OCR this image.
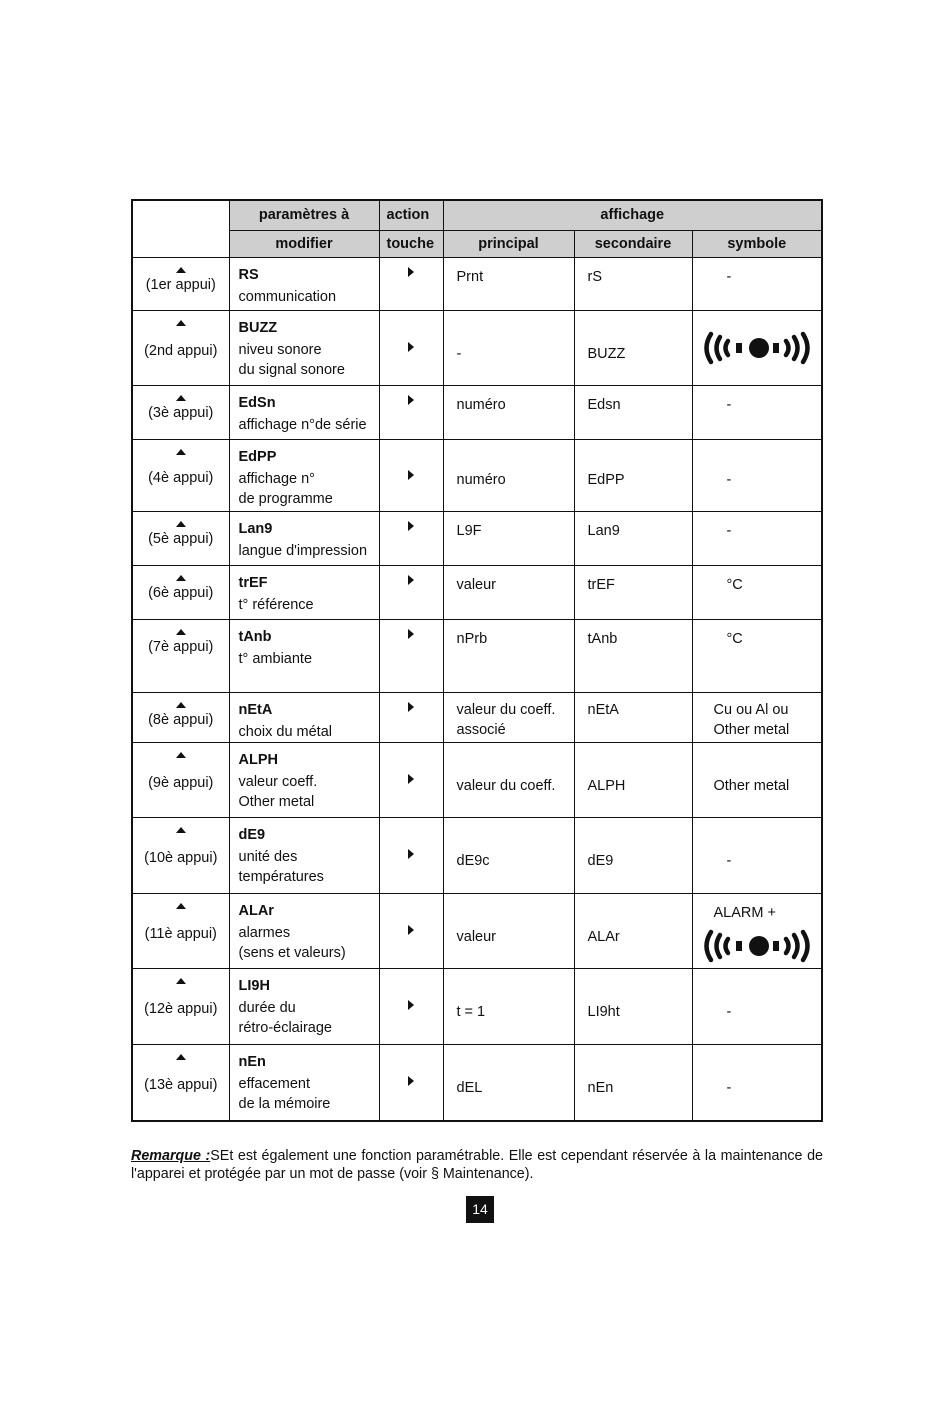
	paramètres à	action	affichage		
	modifier	touche	principal	secondaire	symbole

(1er appui)	RS
communication		Prnt	rS	-

(2nd appui)	BUZZ
niveu sonore
du signal sonore		-	BUZZ

(3è appui)	EdSn
affichage n°de série		numéro	Edsn	-

(4è appui)	EdPP
affichage n°
de programme		numéro	EdPP	-

(5è appui)	Lan9
langue d'impression		L9F	Lan9	-

(6è appui)	trEF
t° référence		valeur	trEF	°C

(7è appui)	tAnb
t° ambiante		nPrb	tAnb	°C

(8è appui)	nEtA
choix du métal		valeur du coeff.
associé	nEtA	Cu ou Al ou
Other metal

(9è appui)	ALPH
valeur coeff.
Other metal		valeur du coeff.	ALPH	Other metal

(10è appui)	dE9
unité des
températures		dE9c	dE9	-

(11è appui)	ALAr
alarmes
(sens et valeurs)		valeur	ALAr	ALARM +

(12è appui)	LI9H
durée du
rétro-éclairage		t = 1	LI9ht	-

(13è appui)	nEn
effacement
de la mémoire		dEL	nEn	-

Remarque :SEt est également une fonction paramétrable. Elle est cependant réservée à la maintenance de l'apparei et protégée par un mot de passe (voir § Maintenance).

14
